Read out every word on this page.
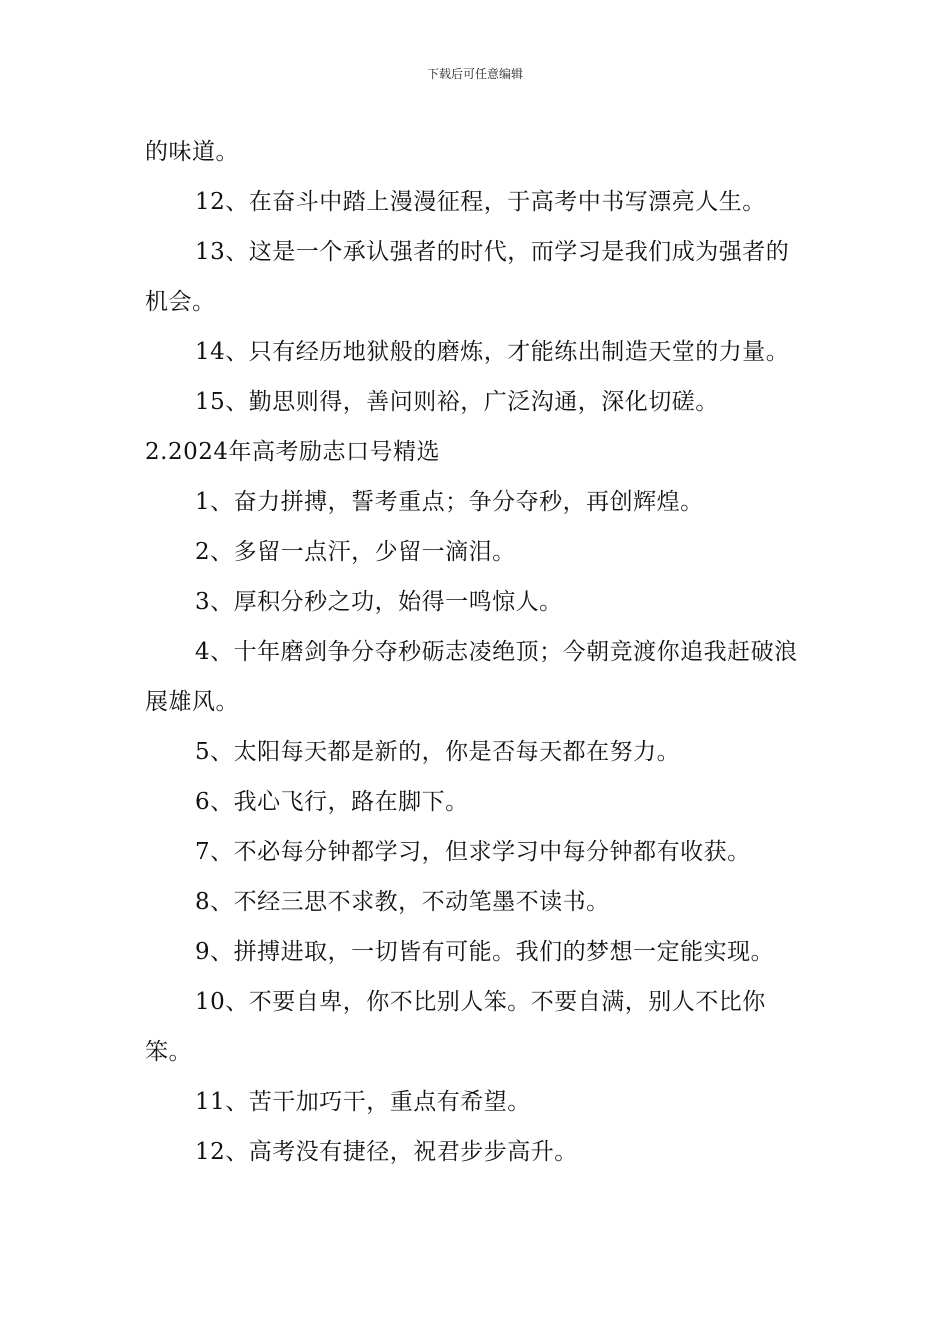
下载后可任意编辑

的味道。

12、在奋斗中踏上漫漫征程，于高考中书写漂亮人生。

13、这是一个承认强者的时代，而学习是我们成为强者的机会。

14、只有经历地狱般的磨炼，才能练出制造天堂的力量。

15、勤思则得，善问则裕，广泛沟通，深化切磋。

2.2024年高考励志口号精选

1、奋力拼搏，誓考重点；争分夺秒，再创辉煌。

2、多留一点汗，少留一滴泪。

3、厚积分秒之功，始得一鸣惊人。

4、十年磨剑争分夺秒砺志凌绝顶；今朝竞渡你追我赶破浪展雄风。

5、太阳每天都是新的，你是否每天都在努力。

6、我心飞行，路在脚下。

7、不必每分钟都学习，但求学习中每分钟都有收获。

8、不经三思不求教，不动笔墨不读书。

9、拼搏进取，一切皆有可能。我们的梦想一定能实现。

10、不要自卑，你不比别人笨。不要自满，别人不比你笨。

11、苦干加巧干，重点有希望。

12、高考没有捷径，祝君步步高升。
